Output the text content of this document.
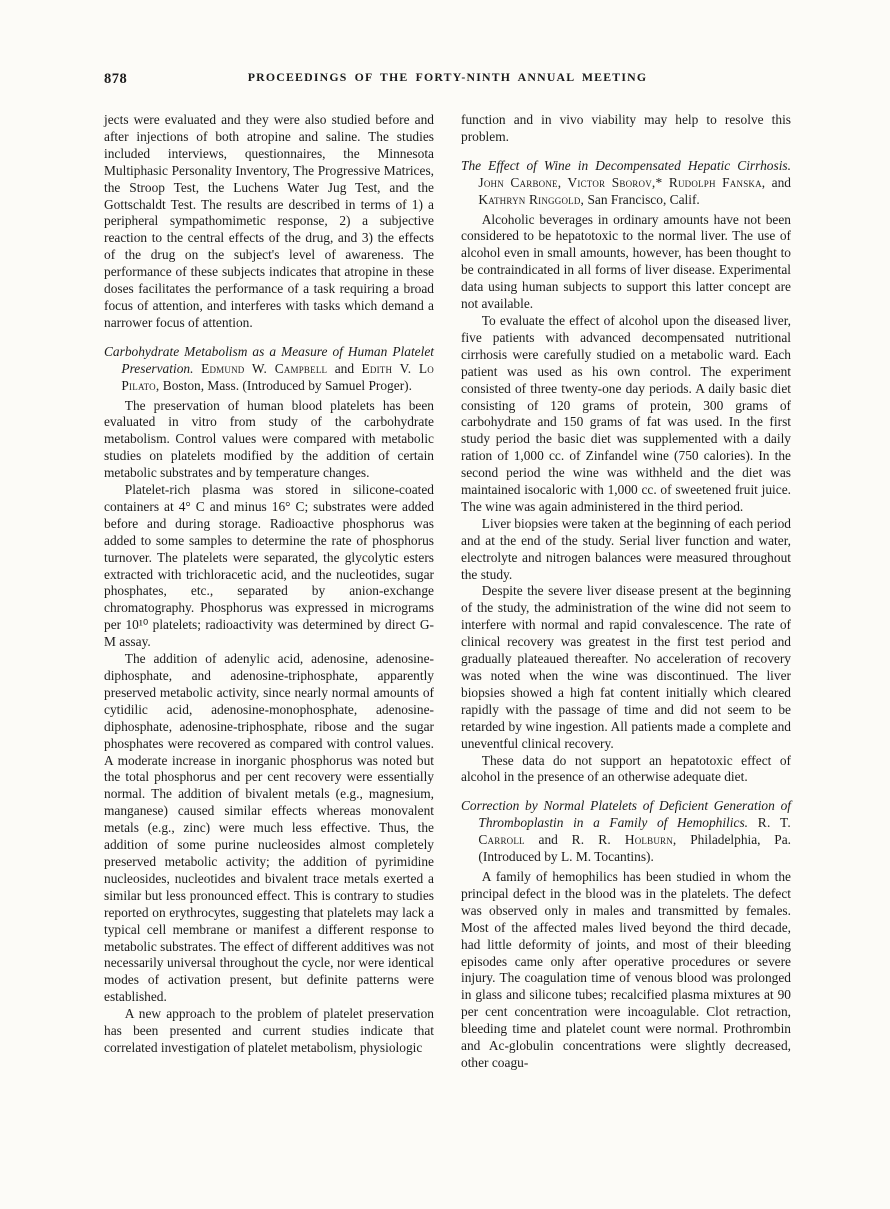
878	PROCEEDINGS OF THE FORTY-NINTH ANNUAL MEETING

jects were evaluated and they were also studied before and after injections of both atropine and saline. The studies included interviews, questionnaires, the Minnesota Multiphasic Personality Inventory, The Progressive Matrices, the Stroop Test, the Luchens Water Jug Test, and the Gottschaldt Test. The results are described in terms of 1) a peripheral sympathomimetic response, 2) a subjective reaction to the central effects of the drug, and 3) the effects of the drug on the subject's level of awareness. The performance of these subjects indicates that atropine in these doses facilitates the performance of a task requiring a broad focus of attention, and interferes with tasks which demand a narrower focus of attention.

Carbohydrate Metabolism as a Measure of Human Platelet Preservation. Edmund W. Campbell and Edith V. Lo Pilato, Boston, Mass. (Introduced by Samuel Proger).

The preservation of human blood platelets has been evaluated in vitro from study of the carbohydrate metabolism. Control values were compared with metabolic studies on platelets modified by the addition of certain metabolic substrates and by temperature changes.

Platelet-rich plasma was stored in silicone-coated containers at 4° C and minus 16° C; substrates were added before and during storage. Radioactive phosphorus was added to some samples to determine the rate of phosphorus turnover. The platelets were separated, the glycolytic esters extracted with trichloracetic acid, and the nucleotides, sugar phosphates, etc., separated by anion-exchange chromatography. Phosphorus was expressed in micrograms per 10¹⁰ platelets; radioactivity was determined by direct G-M assay.

The addition of adenylic acid, adenosine, adenosine-diphosphate, and adenosine-triphosphate, apparently preserved metabolic activity, since nearly normal amounts of cytidilic acid, adenosine-monophosphate, adenosine-diphosphate, adenosine-triphosphate, ribose and the sugar phosphates were recovered as compared with control values. A moderate increase in inorganic phosphorus was noted but the total phosphorus and per cent recovery were essentially normal. The addition of bivalent metals (e.g., magnesium, manganese) caused similar effects whereas monovalent metals (e.g., zinc) were much less effective. Thus, the addition of some purine nucleosides almost completely preserved metabolic activity; the addition of pyrimidine nucleosides, nucleotides and bivalent trace metals exerted a similar but less pronounced effect. This is contrary to studies reported on erythrocytes, suggesting that platelets may lack a typical cell membrane or manifest a different response to metabolic substrates. The effect of different additives was not necessarily universal throughout the cycle, nor were identical modes of activation present, but definite patterns were established.

A new approach to the problem of platelet preservation has been presented and current studies indicate that correlated investigation of platelet metabolism, physiologic

function and in vivo viability may help to resolve this problem.

The Effect of Wine in Decompensated Hepatic Cirrhosis. John Carbone, Victor Sborov,* Rudolph Fanska, and Kathryn Ringgold, San Francisco, Calif.

Alcoholic beverages in ordinary amounts have not been considered to be hepatotoxic to the normal liver. The use of alcohol even in small amounts, however, has been thought to be contraindicated in all forms of liver disease. Experimental data using human subjects to support this latter concept are not available.

To evaluate the effect of alcohol upon the diseased liver, five patients with advanced decompensated nutritional cirrhosis were carefully studied on a metabolic ward. Each patient was used as his own control. The experiment consisted of three twenty-one day periods. A daily basic diet consisting of 120 grams of protein, 300 grams of carbohydrate and 150 grams of fat was used. In the first study period the basic diet was supplemented with a daily ration of 1,000 cc. of Zinfandel wine (750 calories). In the second period the wine was withheld and the diet was maintained isocaloric with 1,000 cc. of sweetened fruit juice. The wine was again administered in the third period.

Liver biopsies were taken at the beginning of each period and at the end of the study. Serial liver function and water, electrolyte and nitrogen balances were measured throughout the study.

Despite the severe liver disease present at the beginning of the study, the administration of the wine did not seem to interfere with normal and rapid convalescence. The rate of clinical recovery was greatest in the first test period and gradually plateaued thereafter. No acceleration of recovery was noted when the wine was discontinued. The liver biopsies showed a high fat content initially which cleared rapidly with the passage of time and did not seem to be retarded by wine ingestion. All patients made a complete and uneventful clinical recovery.

These data do not support an hepatotoxic effect of alcohol in the presence of an otherwise adequate diet.

Correction by Normal Platelets of Deficient Generation of Thromboplastin in a Family of Hemophilics. R. T. Carroll and R. R. Holburn, Philadelphia, Pa. (Introduced by L. M. Tocantins).

A family of hemophilics has been studied in whom the principal defect in the blood was in the platelets. The defect was observed only in males and transmitted by females. Most of the affected males lived beyond the third decade, had little deformity of joints, and most of their bleeding episodes came only after operative procedures or severe injury. The coagulation time of venous blood was prolonged in glass and silicone tubes; recalcified plasma mixtures at 90 per cent concentration were incoagulable. Clot retraction, bleeding time and platelet count were normal. Prothrombin and Ac-globulin concentrations were slightly decreased, other coagu-
